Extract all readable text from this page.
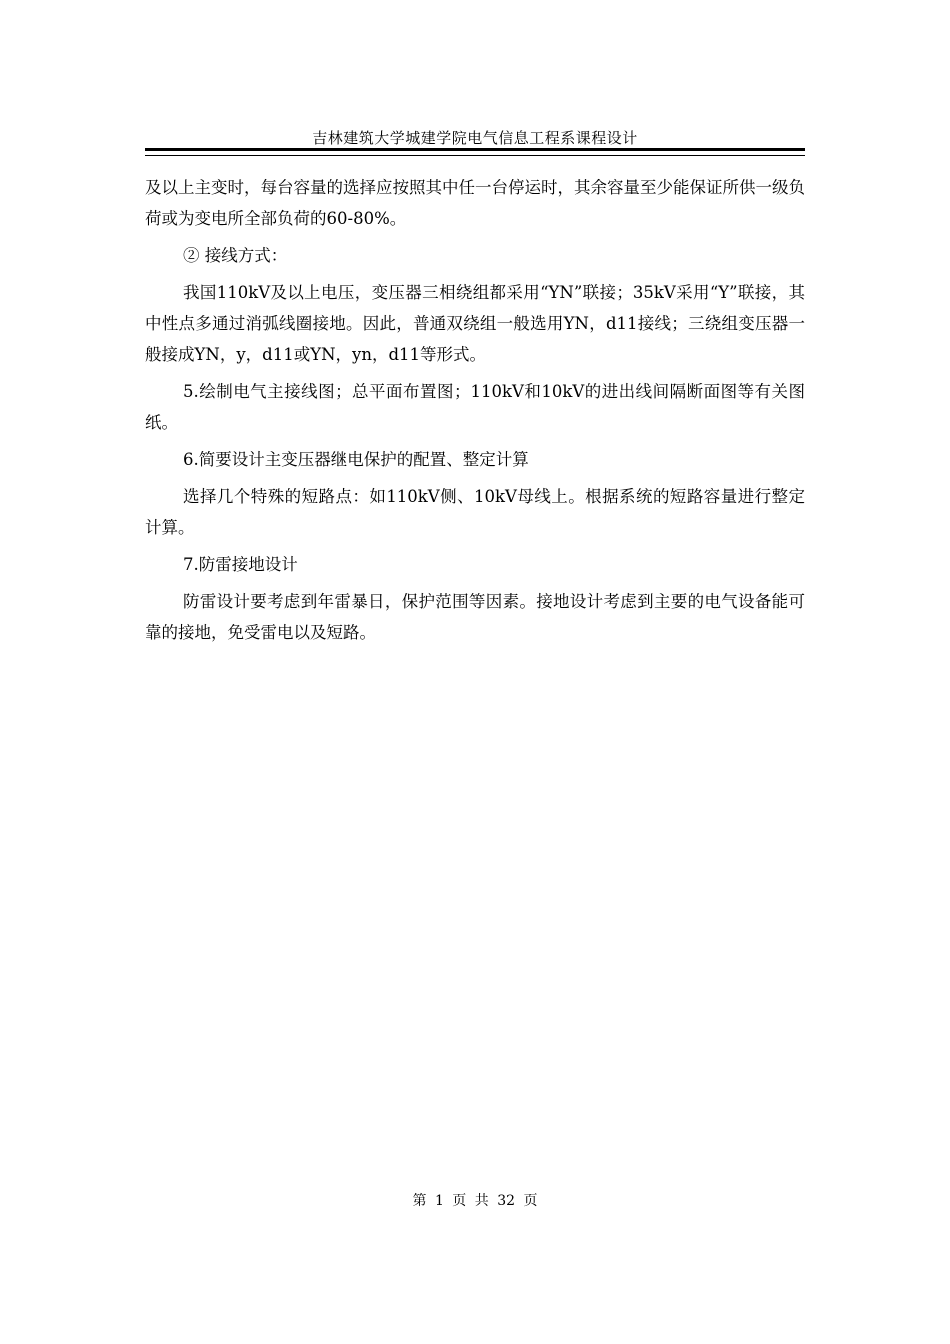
吉林建筑大学城建学院电气信息工程系课程设计

及以上主变时，每台容量的选择应按照其中任一台停运时，其余容量至少能保证所供一级负荷或为变电所全部负荷的60-80%。

② 接线方式：

我国110kV及以上电压，变压器三相绕组都采用“YN”联接；35kV采用“Y”联接，其中性点多通过消弧线圈接地。因此，普通双绕组一般选用YN，d11接线；三绕组变压器一般接成YN，y，d11或YN，yn，d11等形式。

5.绘制电气主接线图；总平面布置图；110kV和10kV的进出线间隔断面图等有关图纸。

6.简要设计主变压器继电保护的配置、整定计算

选择几个特殊的短路点：如110kV侧、10kV母线上。根据系统的短路容量进行整定计算。

7.防雷接地设计

防雷设计要考虑到年雷暴日，保护范围等因素。接地设计考虑到主要的电气设备能可靠的接地，免受雷电以及短路。

第 1 页 共 32 页
